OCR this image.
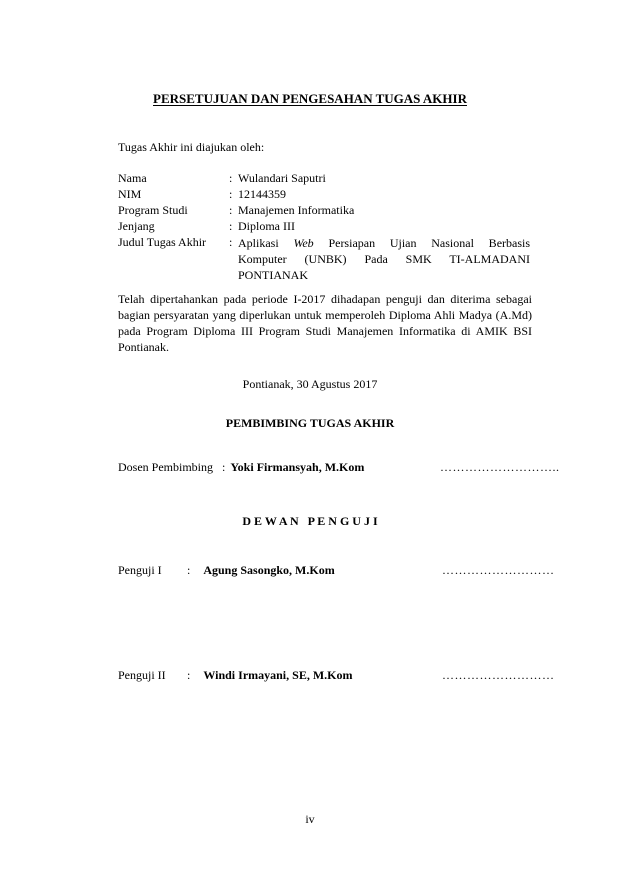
PERSETUJUAN DAN PENGESAHAN TUGAS AKHIR
Tugas Akhir ini diajukan oleh:
Nama	: Wulandari Saputri
NIM	: 12144359
Program Studi	: Manajemen Informatika
Jenjang	: Diploma III
Judul Tugas Akhir	: Aplikasi Web Persiapan Ujian Nasional Berbasis
Komputer (UNBK) Pada SMK TI-ALMADANI
PONTIANAK
Telah dipertahankan pada periode I-2017 dihadapan penguji dan diterima sebagai bagian persyaratan yang diperlukan untuk memperoleh Diploma Ahli Madya (A.Md) pada Program Diploma III Program Studi Manajemen Informatika di AMIK BSI Pontianak.
Pontianak, 30 Agustus 2017
PEMBIMBING TUGAS AKHIR
Dosen Pembimbing : Yoki Firmansyah, M.Kom	………………………..
D E W A N   P E N G U J I
Penguji I : Agung Sasongko, M.Kom	………………………
Penguji II : Windi Irmayani, SE, M.Kom	………………………
iv
